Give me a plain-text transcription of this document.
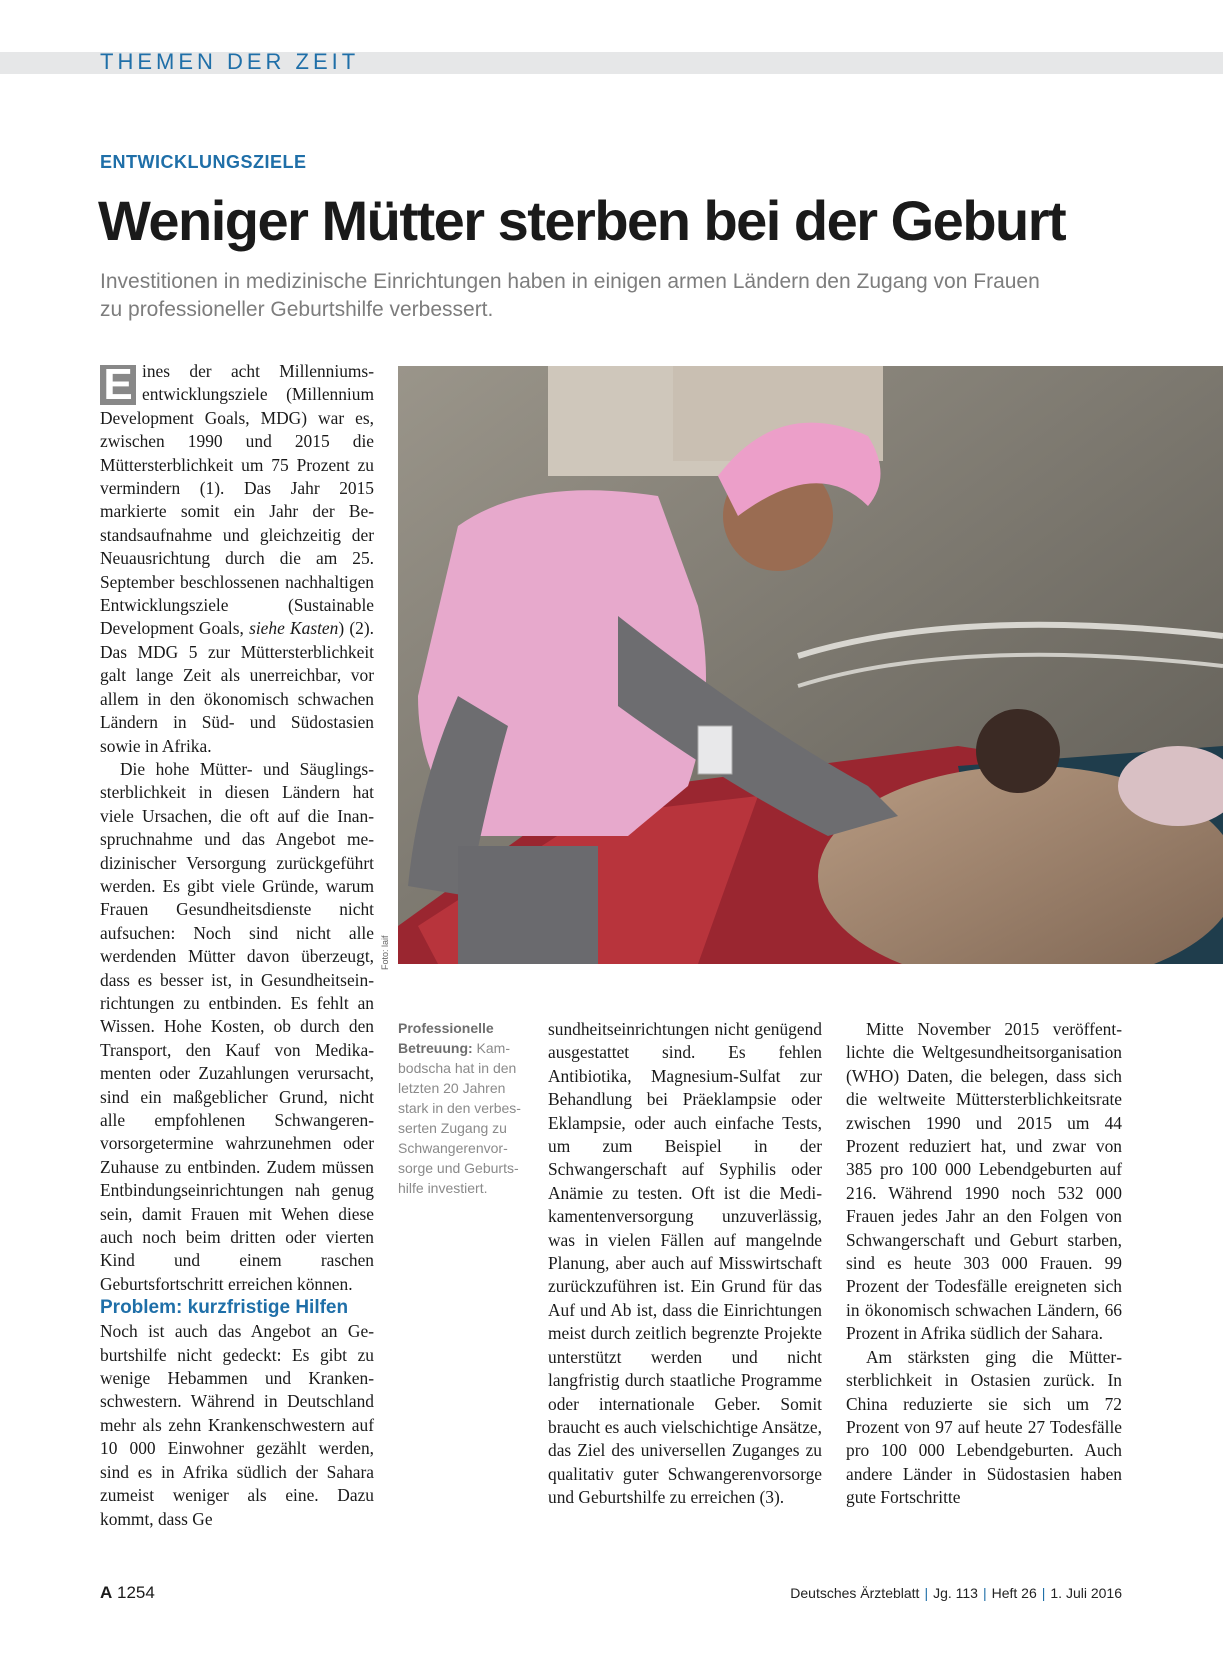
THEMEN DER ZEIT
ENTWICKLUNGSZIELE
Weniger Mütter sterben bei der Geburt
Investitionen in medizinische Einrichtungen haben in einigen armen Ländern den Zugang von Frauen zu professioneller Geburtshilfe verbessert.

E ines der acht Millenniumsentwicklungsziele (Millennium Development Goals, MDG) war es, zwischen 1990 und 2015 die Müttersterblichkeit um 75 Prozent zu vermindern (1). Das Jahr 2015 markierte somit ein Jahr der Bestandsaufnahme und gleichzeitig der Neuausrichtung durch die am 25. September beschlossenen nachhaltigen Entwicklungsziele (Sustainable Development Goals, siehe Kasten) (2). Das MDG 5 zur Müttersterblichkeit galt lange Zeit als unerreichbar, vor allem in den ökonomisch schwachen Ländern in Süd- und Südostasien sowie in Afrika.

Die hohe Mütter- und Säuglingssterblichkeit in diesen Ländern hat viele Ursachen, die oft auf die Inanspruchnahme und das Angebot medizinischer Versorgung zurückgeführt werden. Es gibt viele Gründe, warum Frauen Gesundheitsdienste nicht aufsuchen: Noch sind nicht alle werdenden Mütter davon überzeugt, dass es besser ist, in Gesundheitseinrichtungen zu entbinden. Es fehlt an Wissen. Hohe Kosten, ob durch den Transport, den Kauf von Medikamenten oder Zuzahlungen verursacht, sind ein maßgeblicher Grund, nicht alle empfohlenen Schwangerenvorsorgetermine wahrzunehmen oder Zuhause zu entbinden. Zudem müssen Entbindungseinrichtungen nah genug sein, damit Frauen mit Wehen diese auch noch beim dritten oder vierten Kind und einem raschen Geburtsfortschritt erreichen können.

Problem: kurzfristige Hilfen

Noch ist auch das Angebot an Geburtshilfe nicht gedeckt: Es gibt zu wenige Hebammen und Krankenschwestern. Während in Deutschland mehr als zehn Krankenschwestern auf 10 000 Einwohner gezählt werden, sind es in Afrika südlich der Sahara zumeist weniger als eine. Dazu kommt, dass Ge

Foto: laif
Professionelle Betreuung: Kambodscha hat in den letzten 20 Jahren stark in den verbesserten Zugang zu Schwangerenvorsorge und Geburtshilfe investiert.

sundheitseinrichtungen nicht genügend ausgestattet sind. Es fehlen Antibiotika, Magnesium-Sulfat zur Behandlung bei Präeklampsie oder Eklampsie, oder auch einfache Tests, um zum Beispiel in der Schwangerschaft auf Syphilis oder Anämie zu testen. Oft ist die Medikamentenversorgung unzuverlässig, was in vielen Fällen auf mangelnde Planung, aber auch auf Misswirtschaft zurückzuführen ist. Ein Grund für das Auf und Ab ist, dass die Einrichtungen meist durch zeitlich begrenzte Projekte unterstützt werden und nicht langfristig durch staatliche Programme oder internationale Geber. Somit braucht es auch vielschichtige Ansätze, das Ziel des universellen Zuganges zu qualitativ guter Schwangerenvorsorge und Geburtshilfe zu erreichen (3).

Mitte November 2015 veröffentlichte die Weltgesundheitsorganisation (WHO) Daten, die belegen, dass sich die weltweite Müttersterblichkeitsrate zwischen 1990 und 2015 um 44 Prozent reduziert hat, und zwar von 385 pro 100 000 Lebendgeburten auf 216. Während 1990 noch 532 000 Frauen jedes Jahr an den Folgen von Schwangerschaft und Geburt starben, sind es heute 303 000 Frauen. 99 Prozent der Todesfälle ereigneten sich in ökonomisch schwachen Ländern, 66 Prozent in Afrika südlich der Sahara.

Am stärksten ging die Müttersterblichkeit in Ostasien zurück. In China reduzierte sie sich um 72 Prozent von 97 auf heute 27 Todesfälle pro 100 000 Lebendgeburten. Auch andere Länder in Südostasien haben gute Fortschritte

A 1254	Deutsches Ärzteblatt | Jg. 113 | Heft 26 | 1. Juli 2016
